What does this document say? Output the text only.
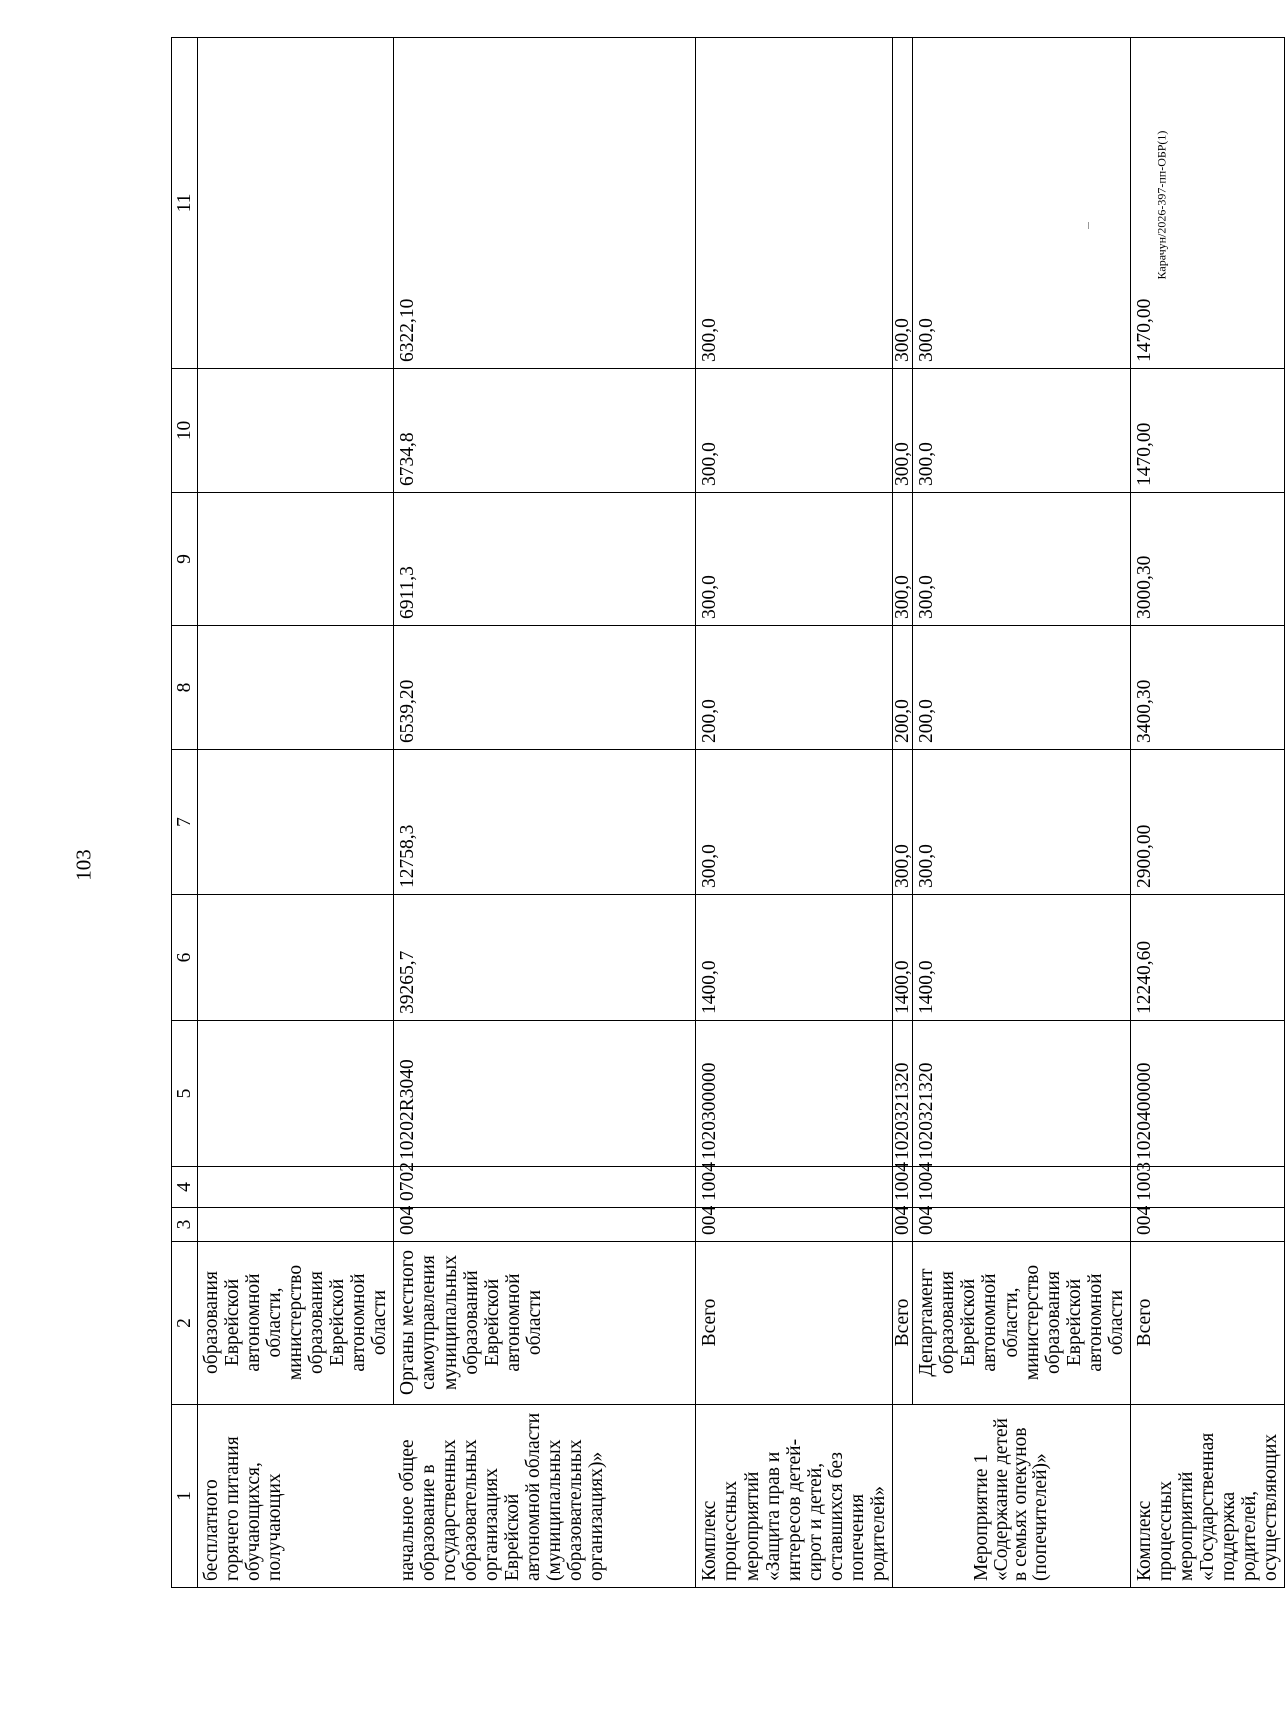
103
Карачун/2026-397-пп-ОБР(1)
1	2	3	4	5	6	7	8	9	10	11
бесплатного горячего питания обучающихся, получающих	образования Еврейской автономной области, министерство образования Еврейской автономной области									
начальное общее образование в государственных образовательных организациях Еврейской автономной области (муниципальных образовательных организациях)»	Органы местного самоуправления муниципальных образований Еврейской автономной области	004	0702	10202R3040	39265,7	12758,3	6539,20	6911,3	6734,8	6322,10
Комплекс процессных мероприятий «Защита прав и интересов детей-сирот и детей, оставшихся без попечения родителей»	Всего	004	1004	1020300000	1400,0	300,0	200,0	300,0	300,0	300,0
Мероприятие 1 «Содержание детей в семьях опекунов (попечителей)»	Всего	004	1004	1020321320	1400,0	300,0	200,0	300,0	300,0	300,0
	Департамент образования Еврейской автономной области, министерство образования Еврейской автономной области	004	1004	1020321320	1400,0	300,0	200,0	300,0	300,0	300,0
Комплекс процессных мероприятий «Государственная поддержка родителей, осуществляющих	Всего	004	1003	1020400000	12240,60	2900,00	3400,30	3000,30	1470,00	1470,00
